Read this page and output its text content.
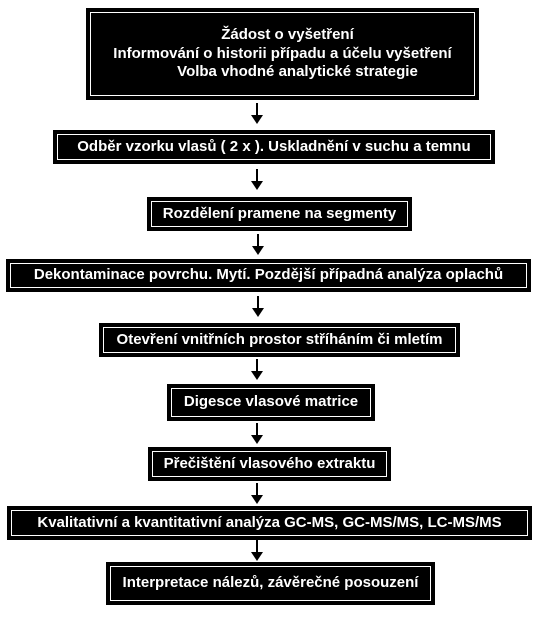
Žádost o vyšetření
Informování o historii případu a účelu vyšetření
Volba vhodné analytické strategie
Odběr vzorku vlasů ( 2 x ). Uskladnění v suchu a temnu
Rozdělení pramene na segmenty
Dekontaminace povrchu. Mytí. Pozdější případná analýza oplachů
Otevření vnitřních prostor stříháním či mletím
Digesce vlasové matrice
Přečištění vlasového extraktu
Kvalitativní a kvantitativní analýza GC-MS, GC-MS/MS, LC-MS/MS
Interpretace nálezů, závěrečné posouzení
